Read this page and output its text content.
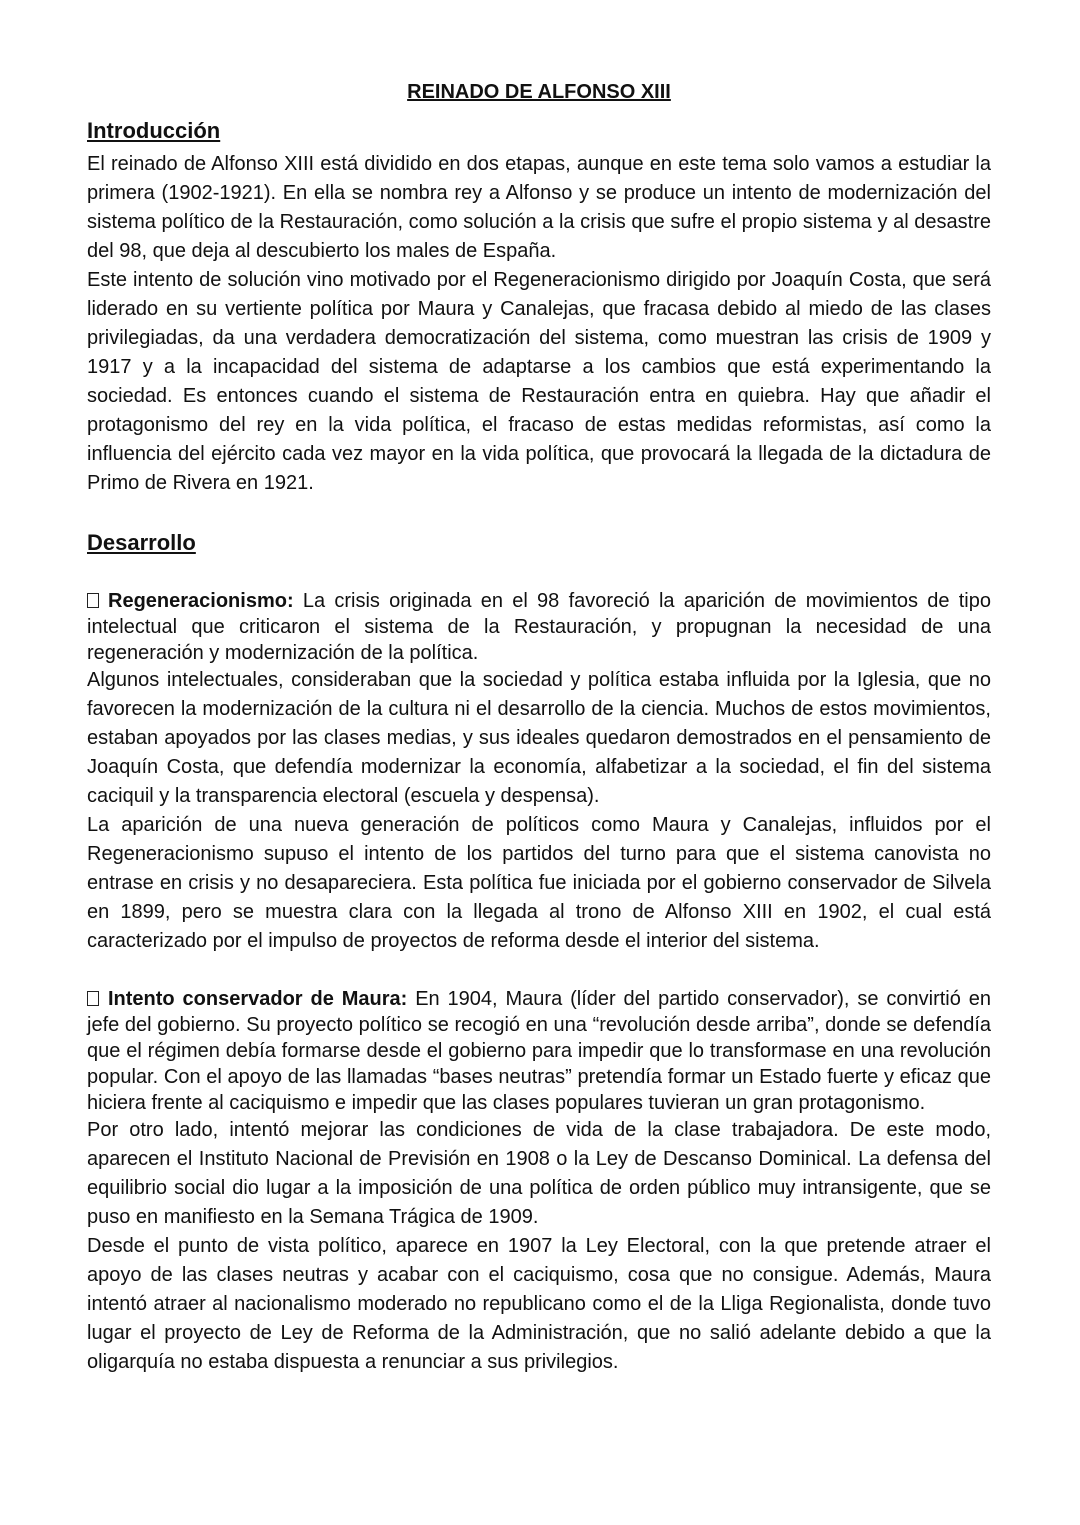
REINADO DE ALFONSO XIII
Introducción

El reinado de Alfonso XIII está dividido en dos etapas, aunque en este tema solo vamos a estudiar la primera (1902-1921). En ella se nombra rey a Alfonso y se produce un intento de modernización del sistema político de la Restauración, como solución a la crisis que sufre el propio sistema y al desastre del 98, que deja al descubierto los males de España.

Este intento de solución vino motivado por el Regeneracionismo dirigido por Joaquín Costa, que será liderado en su vertiente política por Maura y Canalejas, que fracasa debido al miedo de las clases privilegiadas, da una verdadera democratización del sistema, como muestran las crisis de 1909 y 1917 y a la incapacidad del sistema de adaptarse a los cambios que está experimentando la sociedad. Es entonces cuando el sistema de Restauración entra en quiebra. Hay que añadir el protagonismo del rey en la vida política, el fracaso de estas medidas reformistas, así como la influencia del ejército cada vez mayor en la vida política, que provocará la llegada de la dictadura de Primo de Rivera en 1921.

Desarrollo

Regeneracionismo: La crisis originada en el 98 favoreció la aparición de movimientos de tipo intelectual que criticaron el sistema de la Restauración, y propugnan la necesidad de una regeneración y modernización de la política.

Algunos intelectuales, consideraban que la sociedad y política estaba influida por la Iglesia, que no favorecen la modernización de la cultura ni el desarrollo de la ciencia. Muchos de estos movimientos, estaban apoyados por las clases medias, y sus ideales quedaron demostrados en el pensamiento de Joaquín Costa, que defendía modernizar la economía, alfabetizar a la sociedad, el fin del sistema caciquil y la transparencia electoral (escuela y despensa).

La aparición de una nueva generación de políticos como Maura y Canalejas, influidos por el Regeneracionismo supuso el intento de los partidos del turno para que el sistema canovista no entrase en crisis y no desapareciera. Esta política fue iniciada por el gobierno conservador de Silvela en 1899, pero se muestra clara con la llegada al trono de Alfonso XIII en 1902, el cual está caracterizado por el impulso de proyectos de reforma desde el interior del sistema.

Intento conservador de Maura: En 1904, Maura (líder del partido conservador), se convirtió en jefe del gobierno. Su proyecto político se recogió en una “revolución desde arriba”, donde se defendía que el régimen debía formarse desde el gobierno para impedir que lo transformase en una revolución popular. Con el apoyo de las llamadas “bases neutras” pretendía formar un Estado fuerte y eficaz que hiciera frente al caciquismo e impedir que las clases populares tuvieran un gran protagonismo.

Por otro lado, intentó mejorar las condiciones de vida de la clase trabajadora. De este modo, aparecen el Instituto Nacional de Previsión en 1908 o la Ley de Descanso Dominical. La defensa del equilibrio social dio lugar a la imposición de una política de orden público muy intransigente, que se puso en manifiesto en la Semana Trágica de 1909.

Desde el punto de vista político, aparece en 1907 la Ley Electoral, con la que pretende atraer el apoyo de las clases neutras y acabar con el caciquismo, cosa que no consigue. Además, Maura intentó atraer al nacionalismo moderado no republicano como el de la Lliga Regionalista, donde tuvo lugar el proyecto de Ley de Reforma de la Administración, que no salió adelante debido a que la oligarquía no estaba dispuesta a renunciar a sus privilegios.
